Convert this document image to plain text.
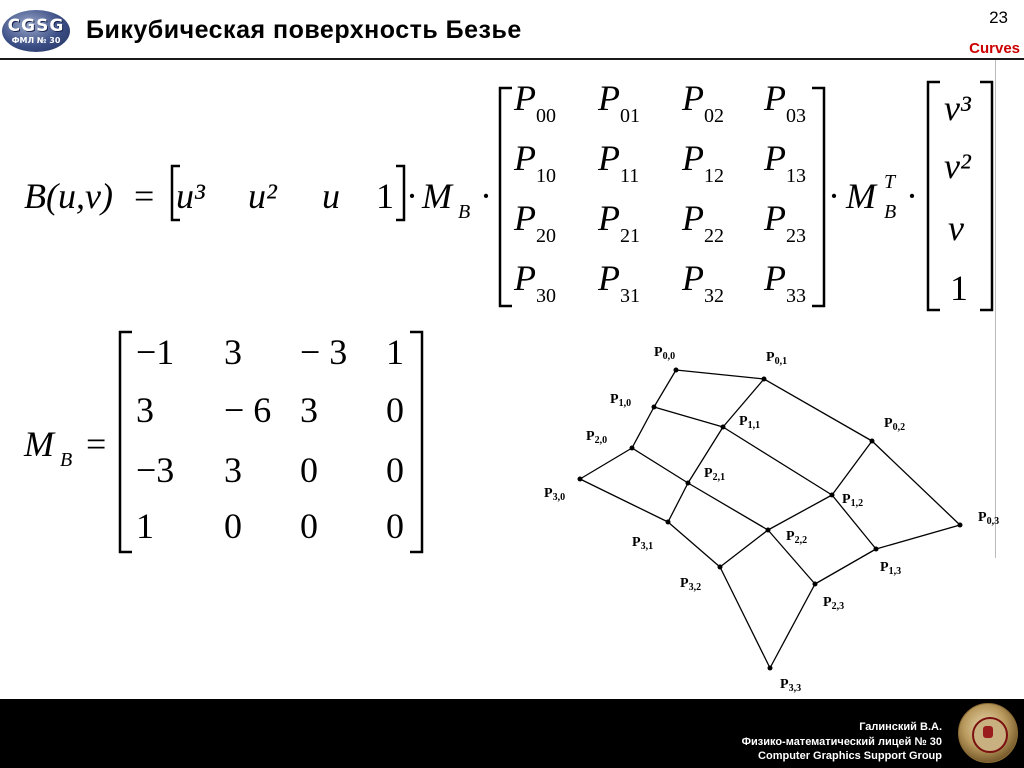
CGSG
ФМЛ № 30	Бикубическая поверхность Безье	23
Curves
B(u,v) = u³ u² u 1 · M B ·
P 00 P 01 P 02 P 03
P 10 P 11 P 12 P 13
P 20 P 21 P 22 P 23
P 30 P 31 P 32 P 33
· M T
B ·
v³
v²
v
1
M B =
−1 3 − 3 1
3 − 6 3 0
−3 3 0 0
1 0 0 0
$P_{1,0}$
$P_{1,1}$
$P_{1,2}$
$P_{1,3}$
$P_{2,0}$
$P_{2,1}$
$P_{2,2}$
$P_{2,3}$
$P_{3,0}$
$P_{3,1}$
$P_{3,2}$
$P_{3,3}$
$P_{0,0}$	$P_{0,1}$
$P_{0,2}$
$P_{0,3}$
Галинский В.А.
Физико-математический лицей № 30
Computer Graphics Support Group
